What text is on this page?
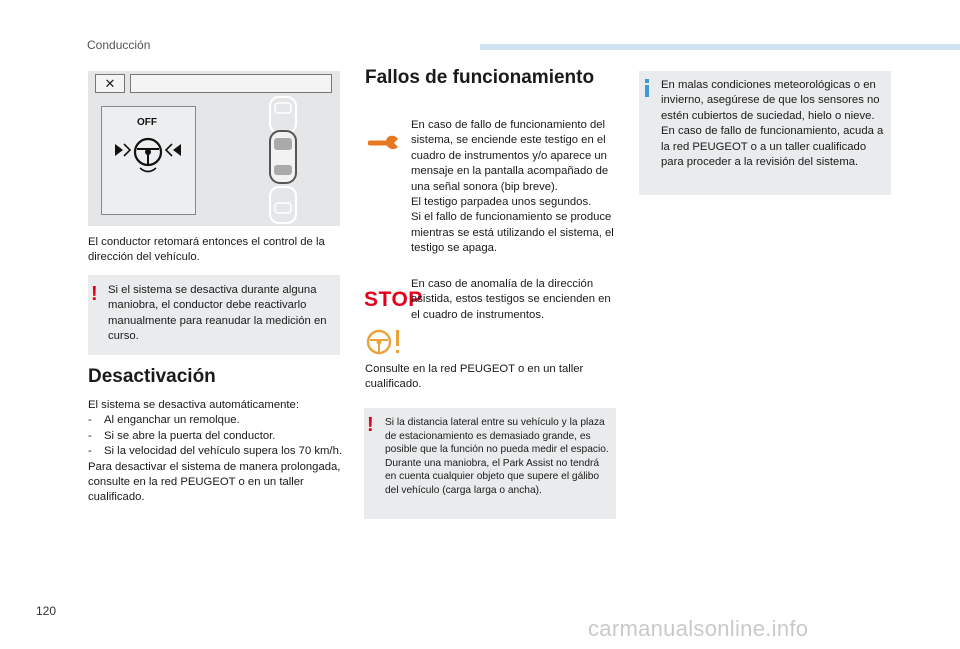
Conducción
✕
OFF
El conductor retomará entonces el control de la dirección del vehículo.
! Si el sistema se desactiva durante alguna maniobra, el conductor debe reactivarlo manualmente para reanudar la medición en curso.
Desactivación

El sistema se desactiva automáticamente:

-	Al enganchar un remolque.

-	Si se abre la puerta del conductor.

-	Si la velocidad del vehículo supera los 70 km/h.

Para desactivar el sistema de manera prolongada, consulte en la red PEUGEOT o en un taller cualificado.

Fallos de funcionamiento

En caso de fallo de funcionamiento del sistema, se enciende este testigo en el cuadro de instrumentos y/o aparece un mensaje en la pantalla acompañado de una señal sonora (bip breve).

El testigo parpadea unos segundos.

Si el fallo de funcionamiento se produce mientras se está utilizando el sistema, el testigo se apaga.

STOP
En caso de anomalía de la dirección asistida, estos testigos se encienden en el cuadro de instrumentos.
Consulte en la red PEUGEOT o en un taller cualificado.
! Si la distancia lateral entre su vehículo y la plaza de estacionamiento es demasiado grande, es posible que la función no pueda medir el espacio.

Durante una maniobra, el Park Assist no tendrá en cuenta cualquier objeto que supere el gálibo del vehículo (carga larga o ancha).

En malas condiciones meteorológicas o en invierno, asegúrese de que los sensores no estén cubiertos de suciedad, hielo o nieve.

En caso de fallo de funcionamiento, acuda a la red PEUGEOT o a un taller cualificado para proceder a la revisión del sistema.

120
carmanualsonline.info
